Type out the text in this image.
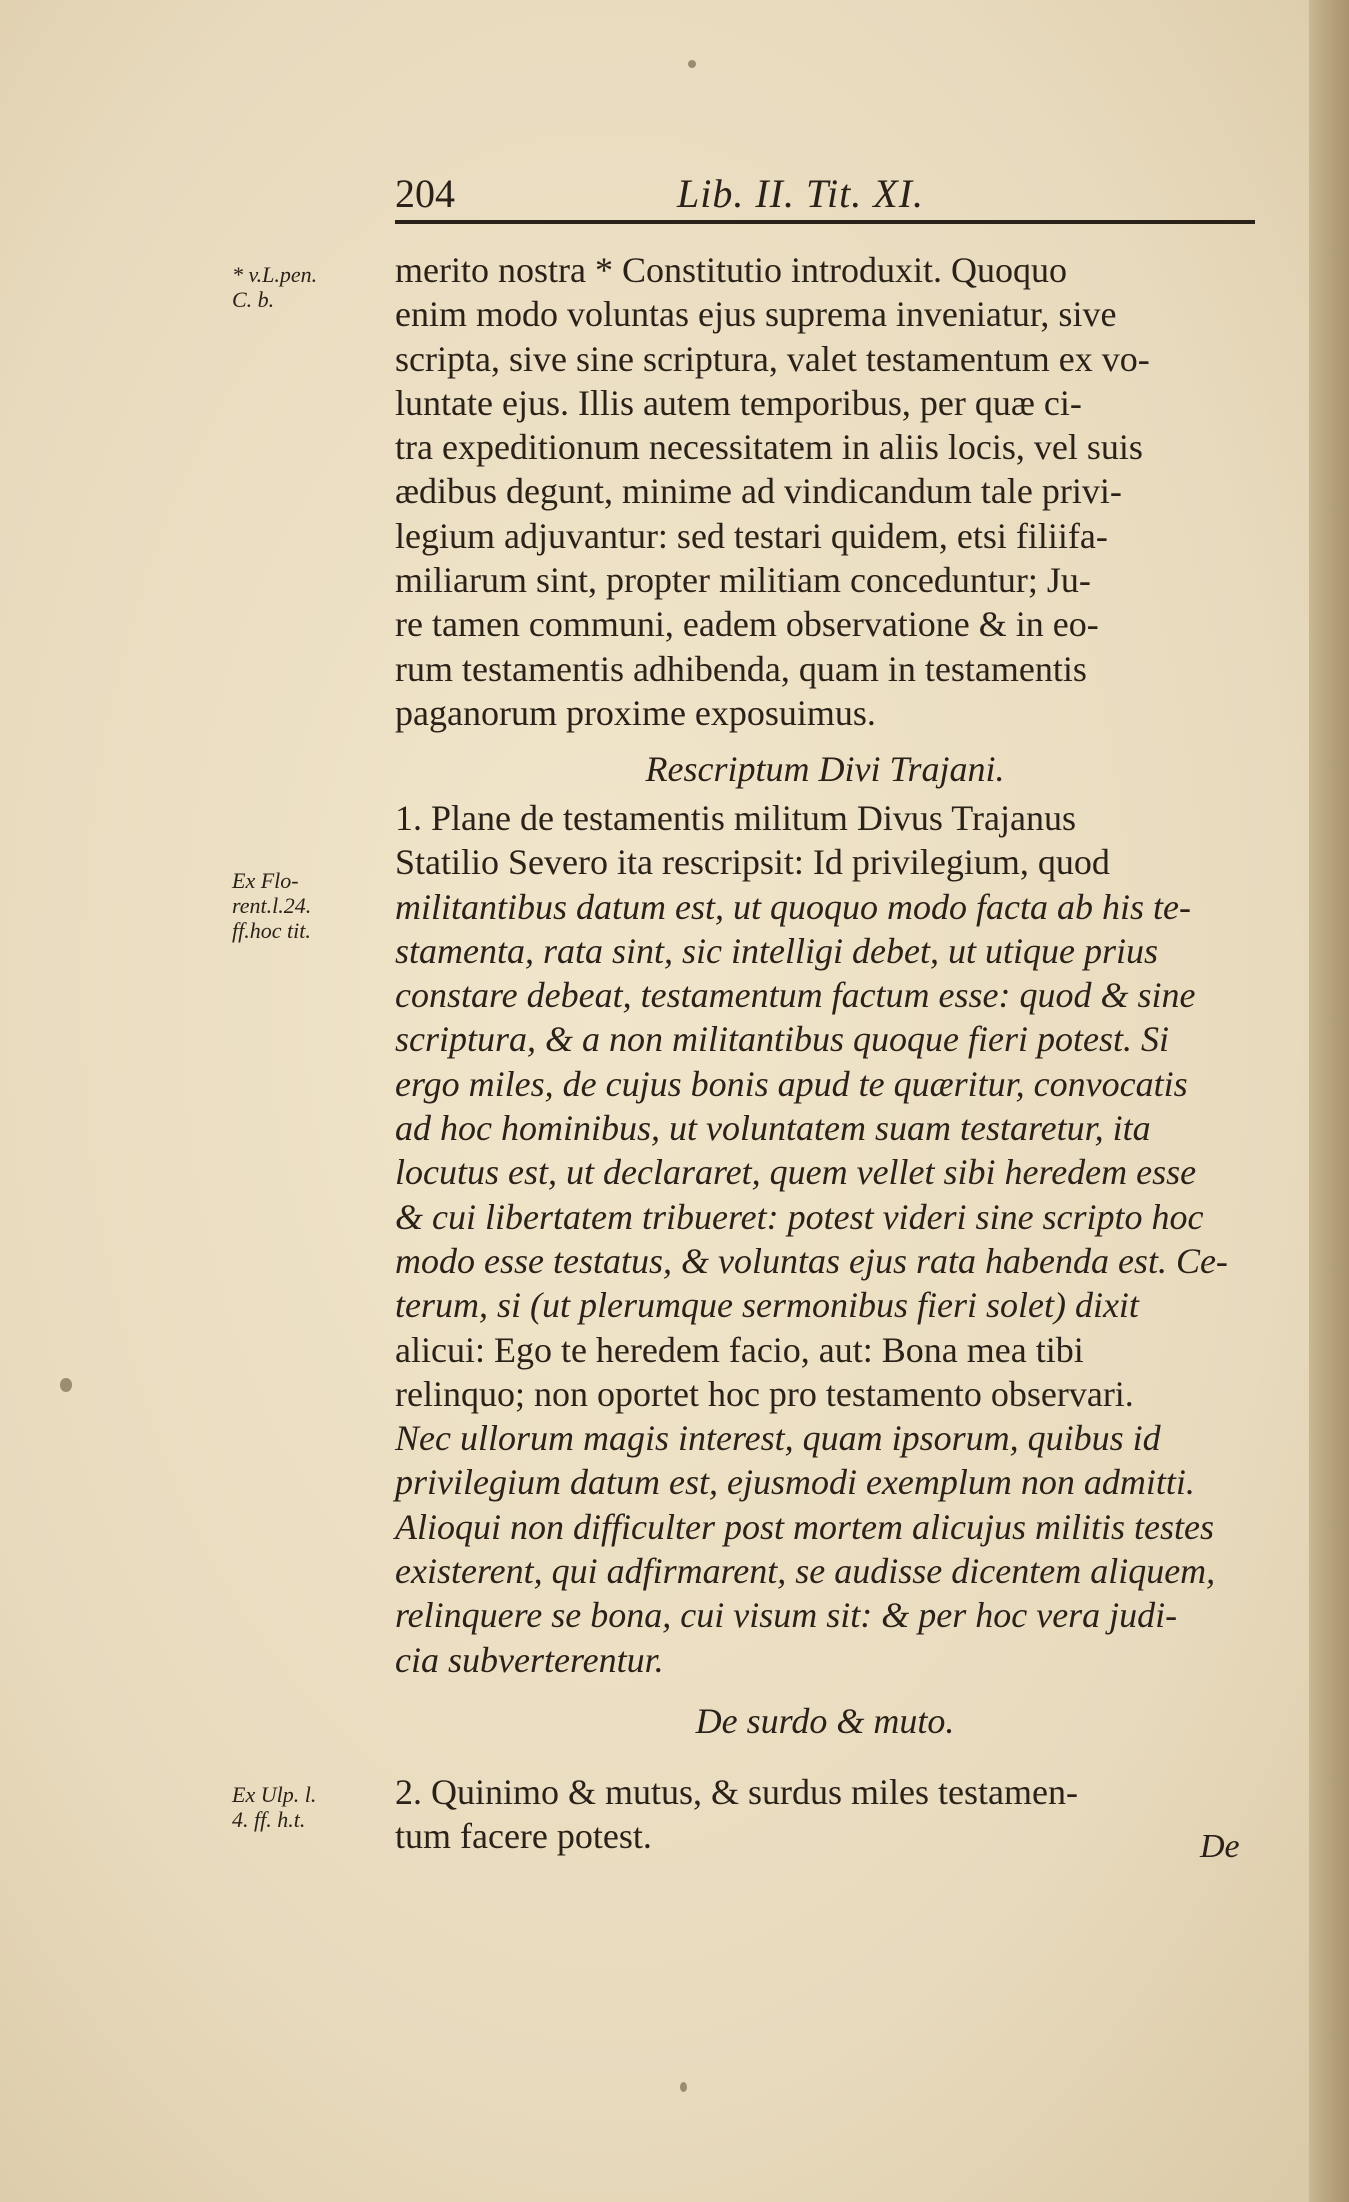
204	Lib. II. Tit. XI.
* v.L.pen.
C. b.

merito nostra * Constitutio introduxit. Quoquo
enim modo voluntas ejus suprema inveniatur, sive
scripta, sive sine scriptura, valet testamentum ex vo-
luntate ejus. Illis autem temporibus, per quæ ci-
tra expeditionum necessitatem in aliis locis, vel suis
ædibus degunt, minime ad vindicandum tale privi-
legium adjuvantur: sed testari quidem, etsi filiifa-
miliarum sint, propter militiam conceduntur; Ju-
re tamen communi, eadem observatione & in eo-
rum testamentis adhibenda, quam in testamentis
paganorum proxime exposuimus.

Rescriptum Divi Trajani.
Ex Flo-
rent.l.24.
ff.hoc tit.

1. Plane de testamentis militum Divus Trajanus
Statilio Severo ita rescripsit: Id privilegium, quod
militantibus datum est, ut quoquo modo facta ab his te-
stamenta, rata sint, sic intelligi debet, ut utique prius
constare debeat, testamentum factum esse: quod & sine
scriptura, & a non militantibus quoque fieri potest. Si
ergo miles, de cujus bonis apud te quæritur, convocatis
ad hoc hominibus, ut voluntatem suam testaretur, ita
locutus est, ut declararet, quem vellet sibi heredem esse
& cui libertatem tribueret: potest videri sine scripto hoc
modo esse testatus, & voluntas ejus rata habenda est. Ce-
terum, si (ut plerumque sermonibus fieri solet) dixit
alicui: Ego te heredem facio, aut: Bona mea tibi
relinquo; non oportet hoc pro testamento observari.
Nec ullorum magis interest, quam ipsorum, quibus id
privilegium datum est, ejusmodi exemplum non admitti.
Alioqui non difficulter post mortem alicujus militis testes
existerent, qui adfirmarent, se audisse dicentem aliquem,
relinquere se bona, cui visum sit: & per hoc vera judi-
cia subverterentur.

De surdo & muto.
Ex Ulp. l.
4. ff. h.t.

2. Quinimo & mutus, & surdus miles testamen-
tum facere potest.	De
